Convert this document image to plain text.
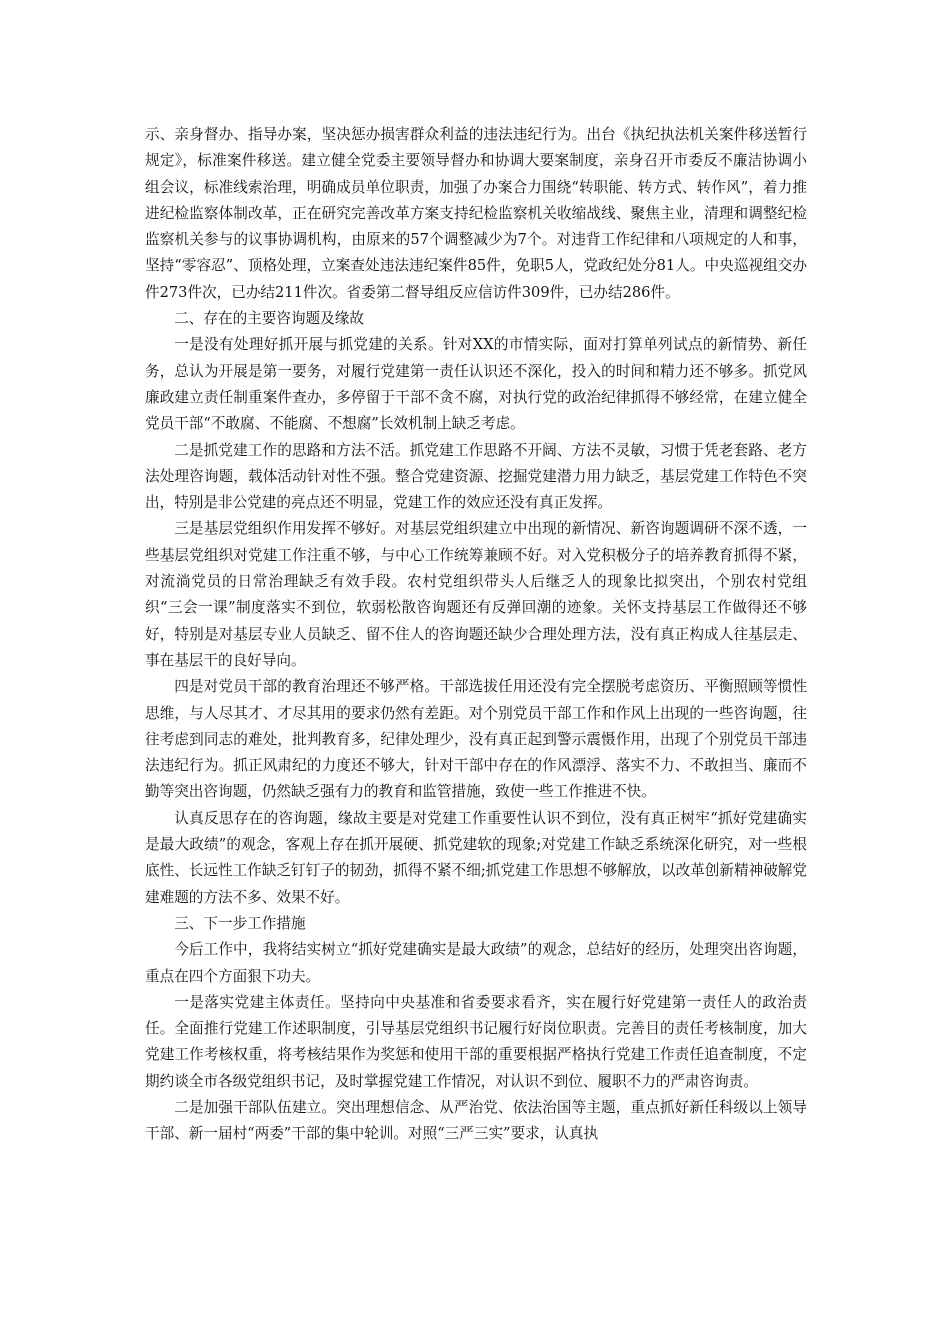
示、亲身督办、指导办案，坚决惩办损害群众利益的违法违纪行为。出台《执纪执法机关案件移送暂行规定》，标准案件移送。建立健全党委主要领导督办和协调大要案制度，亲身召开市委反不廉洁协调小组会议，标准线索治理，明确成员单位职责，加强了办案合力围绕“转职能、转方式、转作风”，着力推进纪检监察体制改革，正在研究完善改革方案支持纪检监察机关收缩战线、聚焦主业，清理和调整纪检监察机关参与的议事协调机构，由原来的57个调整减少为7个。对违背工作纪律和八项规定的人和事，坚持“零容忍”、顶格处理，立案查处违法违纪案件85件，免职5人，党政纪处分81人。中央巡视组交办件273件次，已办结211件次。省委第二督导组反应信访件309件，已办结286件。

二、存在的主要咨询题及缘故

一是没有处理好抓开展与抓党建的关系。针对XX的市情实际，面对打算单列试点的新情势、新任务，总认为开展是第一要务，对履行党建第一责任认识还不深化，投入的时间和精力还不够多。抓党风廉政建立责任制重案件查办，多停留于干部不贪不腐，对执行党的政治纪律抓得不够经常，在建立健全党员干部“不敢腐、不能腐、不想腐”长效机制上缺乏考虑。

二是抓党建工作的思路和方法不活。抓党建工作思路不开阔、方法不灵敏，习惯于凭老套路、老方法处理咨询题，载体活动针对性不强。整合党建资源、挖掘党建潜力用力缺乏，基层党建工作特色不突出，特别是非公党建的亮点还不明显，党建工作的效应还没有真正发挥。

三是基层党组织作用发挥不够好。对基层党组织建立中出现的新情况、新咨询题调研不深不透，一些基层党组织对党建工作注重不够，与中心工作统筹兼顾不好。对入党积极分子的培养教育抓得不紧，对流淌党员的日常治理缺乏有效手段。农村党组织带头人后继乏人的现象比拟突出，个别农村党组织“三会一课”制度落实不到位，软弱松散咨询题还有反弹回潮的迹象。关怀支持基层工作做得还不够好，特别是对基层专业人员缺乏、留不住人的咨询题还缺少合理处理方法，没有真正构成人往基层走、事在基层干的良好导向。

四是对党员干部的教育治理还不够严格。干部选拔任用还没有完全摆脱考虑资历、平衡照顾等惯性思维，与人尽其才、才尽其用的要求仍然有差距。对个别党员干部工作和作风上出现的一些咨询题，往往考虑到同志的难处，批判教育多，纪律处理少，没有真正起到警示震慑作用，出现了个别党员干部违法违纪行为。抓正风肃纪的力度还不够大，针对干部中存在的作风漂浮、落实不力、不敢担当、廉而不勤等突出咨询题，仍然缺乏强有力的教育和监管措施，致使一些工作推进不快。

认真反思存在的咨询题，缘故主要是对党建工作重要性认识不到位，没有真正树牢“抓好党建确实是最大政绩”的观念，客观上存在抓开展硬、抓党建软的现象;对党建工作缺乏系统深化研究，对一些根底性、长远性工作缺乏钉钉子的韧劲，抓得不紧不细;抓党建工作思想不够解放，以改革创新精神破解党建难题的方法不多、效果不好。

三、下一步工作措施

今后工作中，我将结实树立“抓好党建确实是最大政绩”的观念，总结好的经历，处理突出咨询题，重点在四个方面狠下功夫。

一是落实党建主体责任。坚持向中央基准和省委要求看齐，实在履行好党建第一责任人的政治责任。全面推行党建工作述职制度，引导基层党组织书记履行好岗位职责。完善目的责任考核制度，加大党建工作考核权重，将考核结果作为奖惩和使用干部的重要根据严格执行党建工作责任追查制度，不定期约谈全市各级党组织书记，及时掌握党建工作情况，对认识不到位、履职不力的严肃咨询责。

二是加强干部队伍建立。突出理想信念、从严治党、依法治国等主题，重点抓好新任科级以上领导干部、新一届村“两委”干部的集中轮训。对照“三严三实”要求，认真执
